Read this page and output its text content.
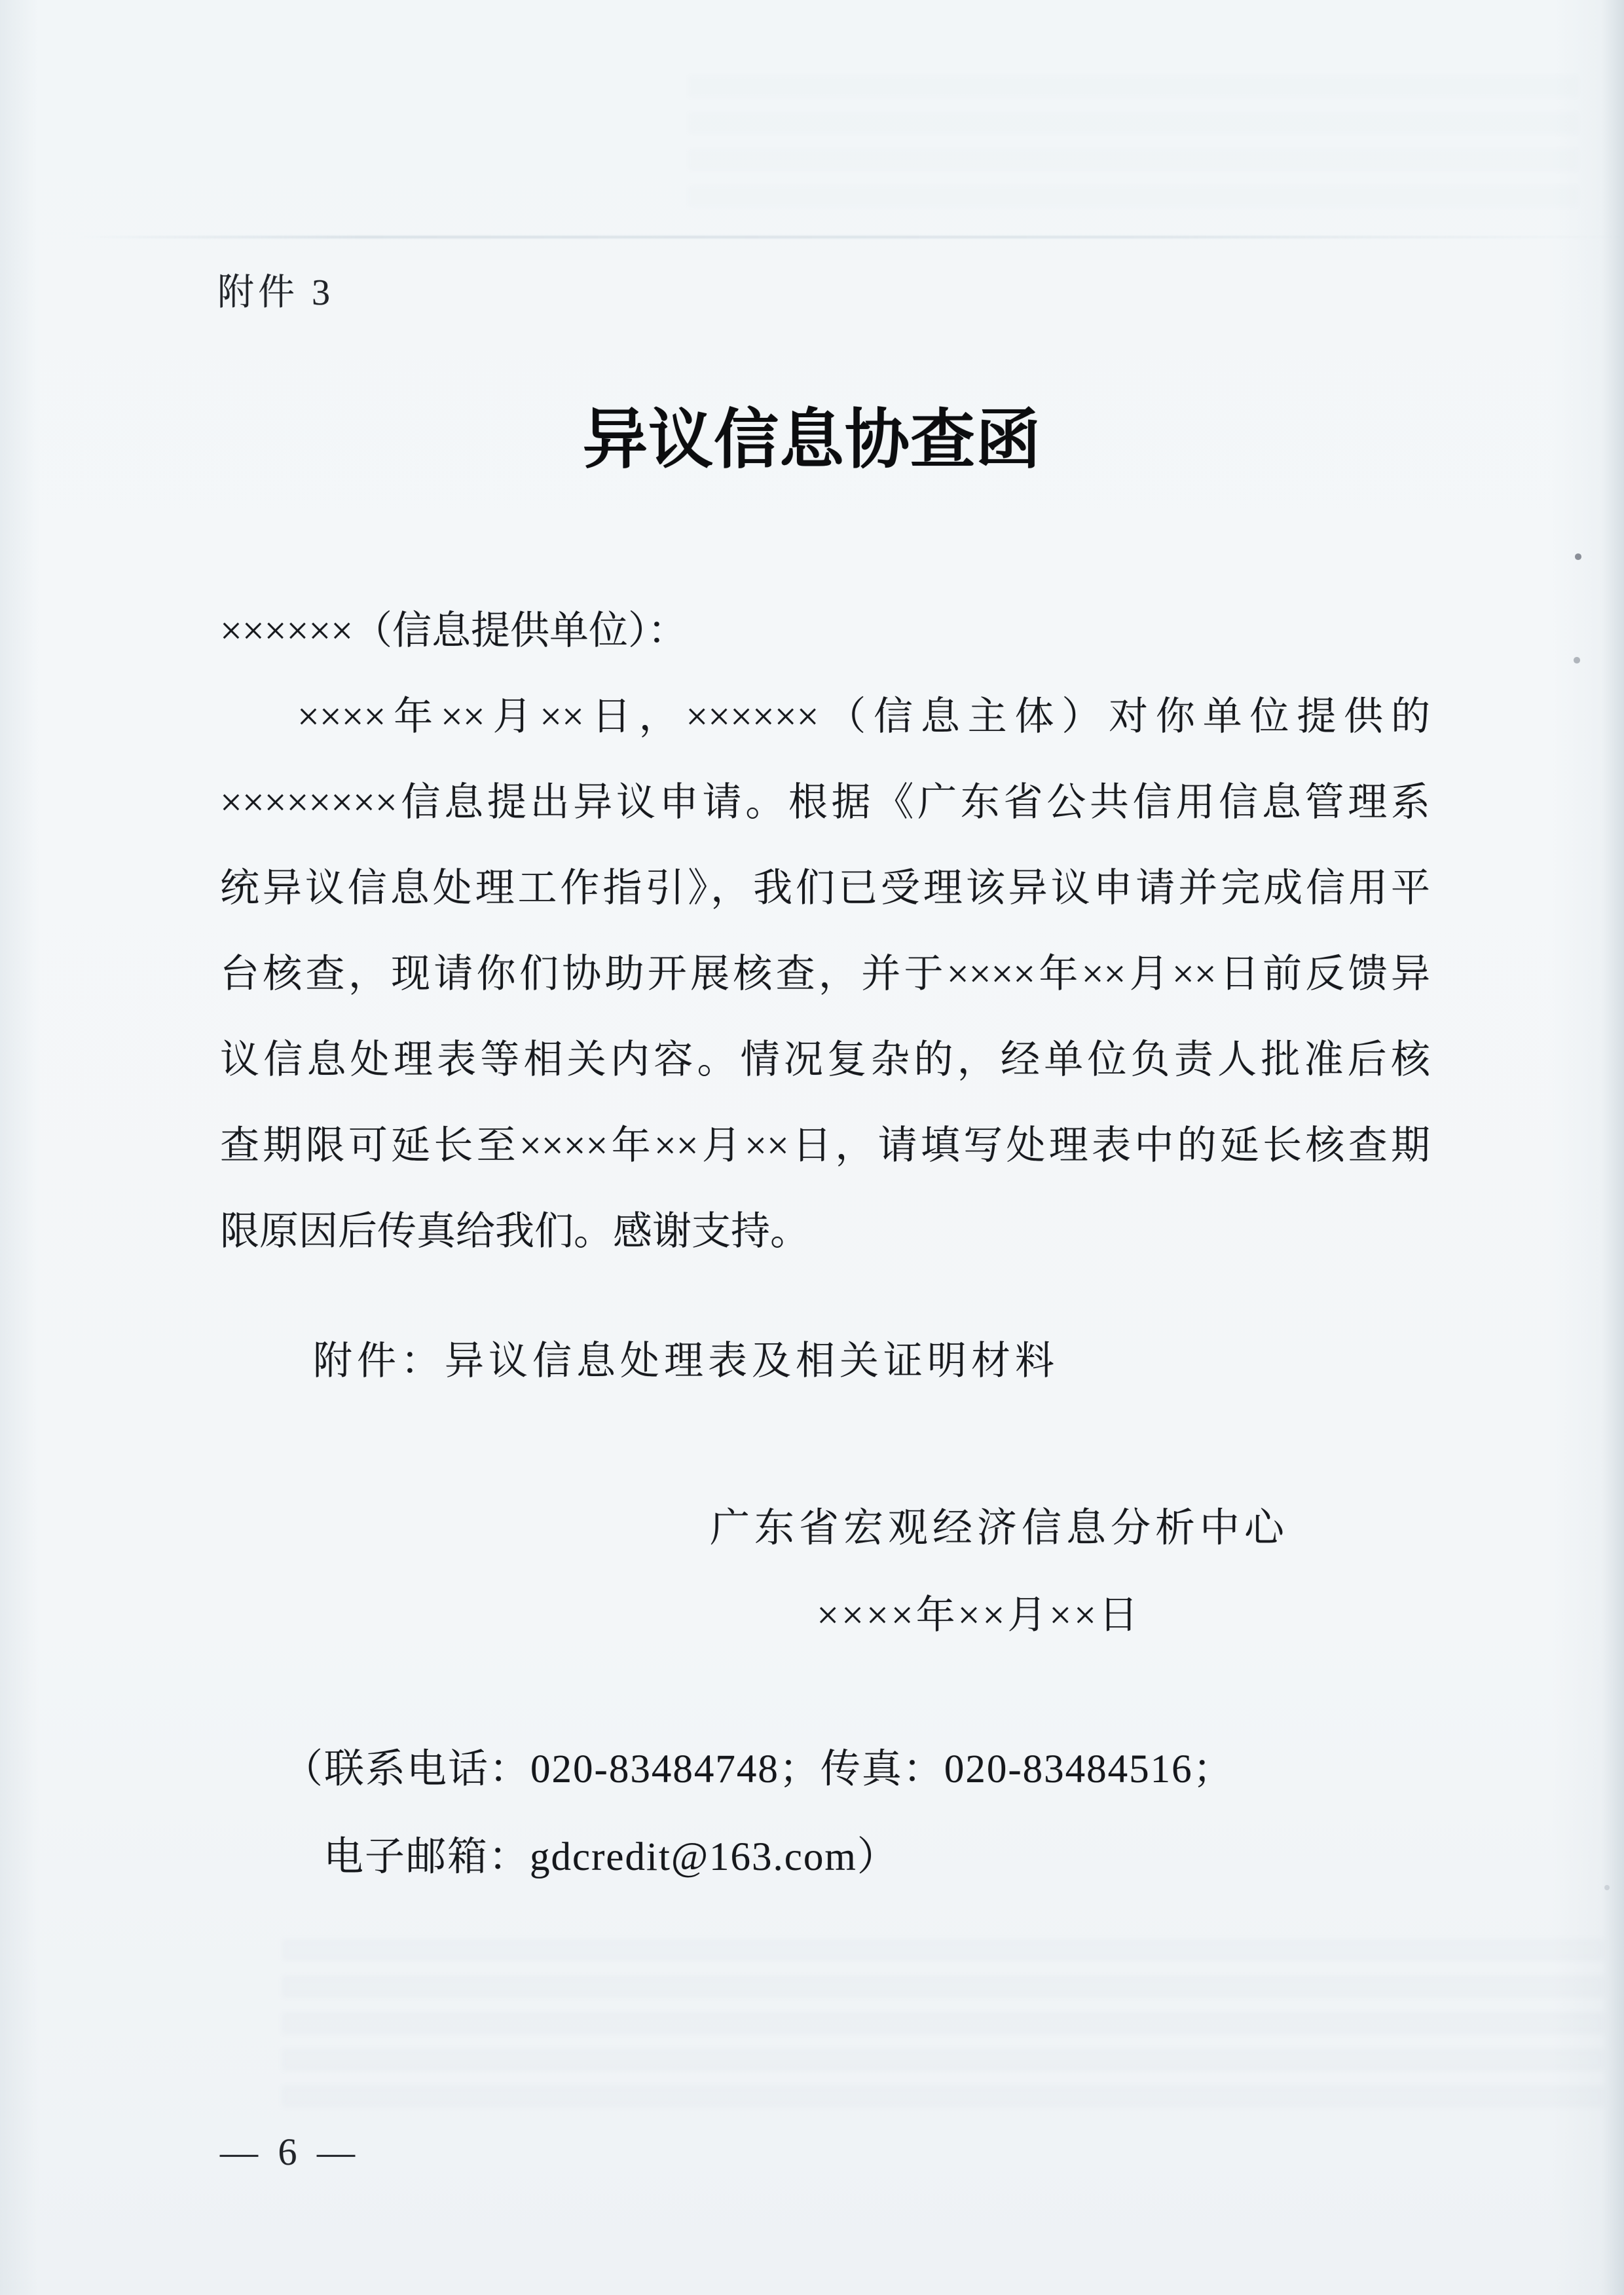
附件 3
异议信息协查函
××××××（信息提供单位）：
××××年××月××日，××××××（信息主体）对你单位提供的
××××××××信息提出异议申请。根据《广东省公共信用信息管理系
统异议信息处理工作指引》，我们已受理该异议申请并完成信用平
台核查，现请你们协助开展核查，并于××××年××月××日前反馈异
议信息处理表等相关内容。情况复杂的，经单位负责人批准后核
查期限可延长至××××年××月××日，请填写处理表中的延长核查期
限原因后传真给我们。感谢支持。
附件：异议信息处理表及相关证明材料
广东省宏观经济信息分析中心
××××年××月××日
（联系电话：020-83484748；传真：020-83484516；
电子邮箱：gdcredit@163.com）
— 6 —
